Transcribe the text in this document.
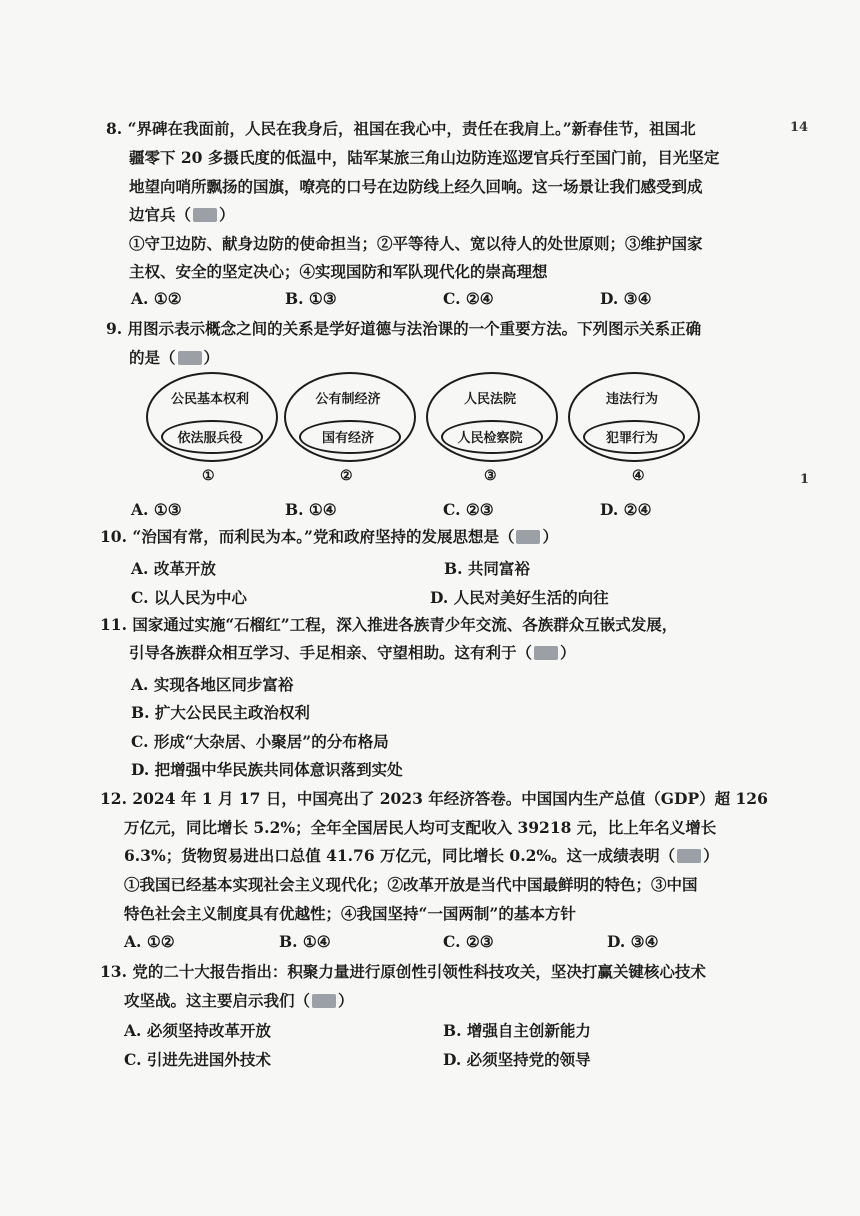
14
1
8. “界碑在我面前，人民在我身后，祖国在我心中，责任在我肩上。”新春佳节，祖国北
疆零下 20 多摄氏度的低温中，陆军某旅三角山边防连巡逻官兵行至国门前，目光坚定
地望向哨所飘扬的国旗，嘹亮的口号在边防线上经久回响。这一场景让我们感受到成
边官兵（ ）
①守卫边防、献身边防的使命担当；②平等待人、宽以待人的处世原则；③维护国家
主权、安全的坚定决心；④实现国防和军队现代化的崇高理想
A. ①②	B. ①③	C. ②④	D. ③④
9. 用图示表示概念之间的关系是学好道德与法治课的一个重要方法。下列图示关系正确
的是（ ）
公民基本权利
依法服兵役
①
公有制经济
国有经济
②
人民法院
人民检察院
③
违法行为
犯罪行为
④
A. ①③	B. ①④	C. ②③	D. ②④
10. “治国有常，而利民为本。”党和政府坚持的发展思想是（ ）
A. 改革开放	B. 共同富裕
C. 以人民为中心	D. 人民对美好生活的向往
11. 国家通过实施“石榴红”工程，深入推进各族青少年交流、各族群众互嵌式发展，
引导各族群众相互学习、手足相亲、守望相助。这有利于（ ）
A. 实现各地区同步富裕
B. 扩大公民民主政治权利
C. 形成“大杂居、小聚居”的分布格局
D. 把增强中华民族共同体意识落到实处
12. 2024 年 1 月 17 日，中国亮出了 2023 年经济答卷。中国国内生产总值（GDP）超 126
万亿元，同比增长 5.2%；全年全国居民人均可支配收入 39218 元，比上年名义增长
6.3%；货物贸易进出口总值 41.76 万亿元，同比增长 0.2%。这一成绩表明（ ）
①我国已经基本实现社会主义现代化；②改革开放是当代中国最鲜明的特色；③中国
特色社会主义制度具有优越性；④我国坚持“一国两制”的基本方针
A. ①②	B. ①④	C. ②③	D. ③④
13. 党的二十大报告指出：积聚力量进行原创性引领性科技攻关，坚决打赢关键核心技术
攻坚战。这主要启示我们（ ）
A. 必须坚持改革开放	B. 增强自主创新能力
C. 引进先进国外技术	D. 必须坚持党的领导
